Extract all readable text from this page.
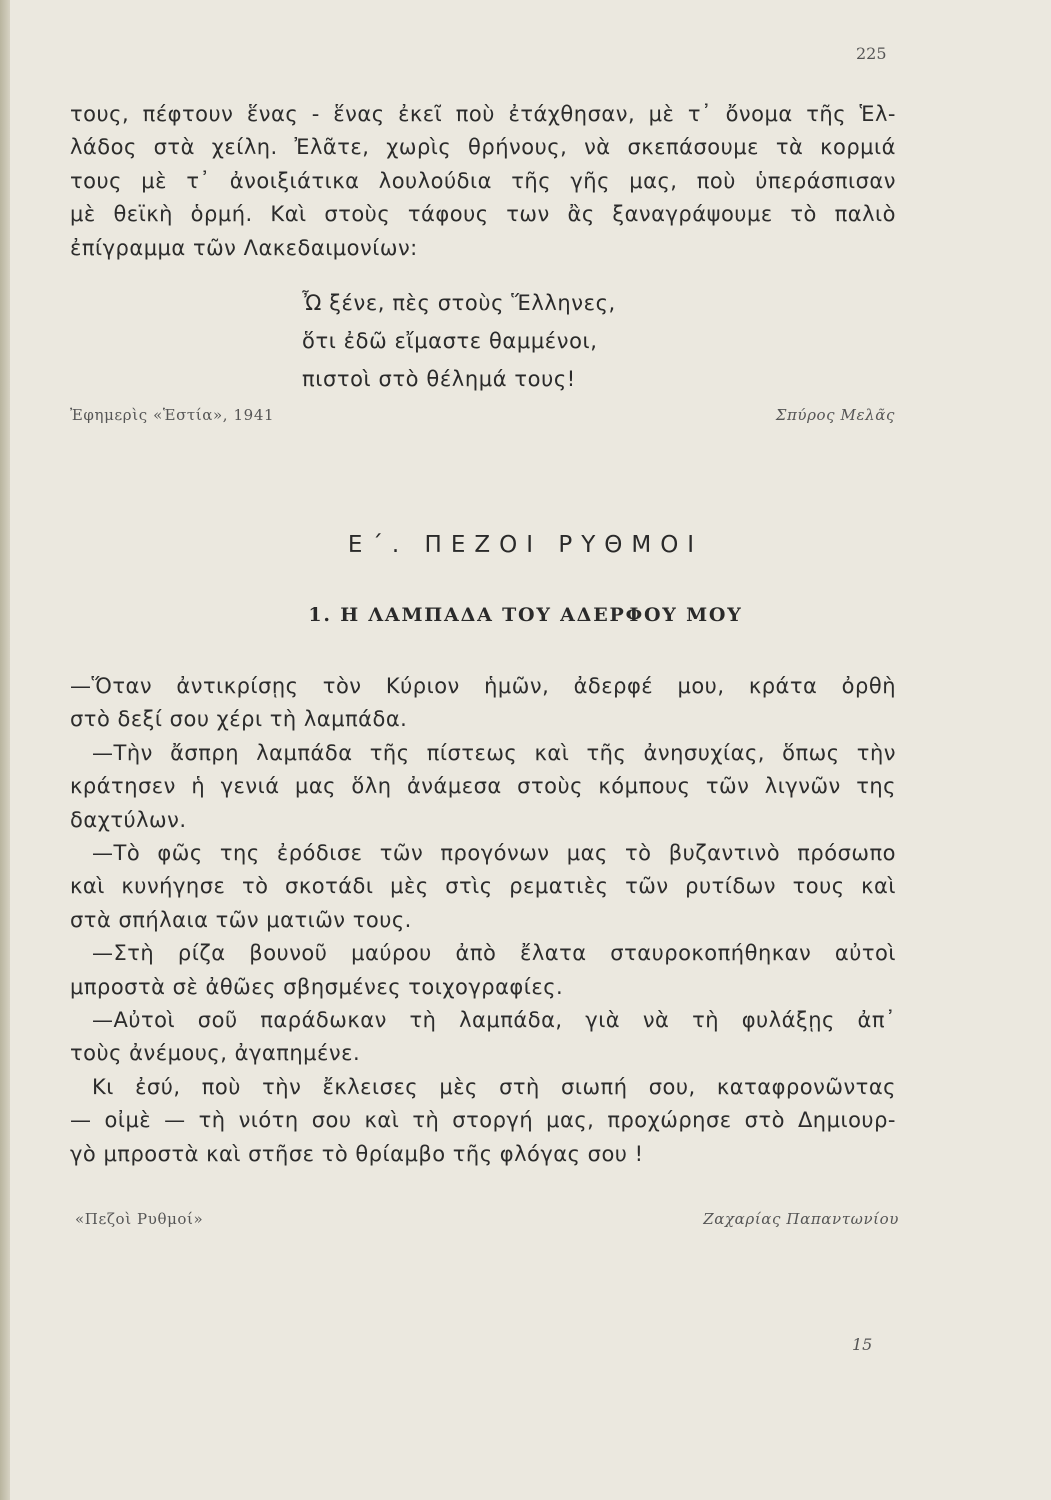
225
τους, πέφτουν ἕνας - ἕνας ἐκεῖ ποὺ ἐτάχθησαν, μὲ τ᾽ ὄνομα τῆς Ἑλ-
λάδος στὰ χείλη. Ἐλᾶτε, χωρὶς θρήνους, νὰ σκεπάσουμε τὰ κορμιά
τους μὲ τ᾽ ἀνοιξιάτικα λουλούδια τῆς γῆς μας, ποὺ ὑπεράσπισαν
μὲ θεϊκὴ ὁρμή. Καὶ στοὺς τάφους των ἂς ξαναγράψουμε τὸ παλιὸ
ἐπίγραμμα τῶν Λακεδαιμονίων:
Ὦ ξένε, πὲς στοὺς Ἕλληνες,
ὅτι ἐδῶ εἴμαστε θαμμένοι,
πιστοὶ στὸ θέλημά τους!
Ἐφημερὶς «Ἑστία», 1941	Σπύρος Μελᾶς
Ε΄. ΠΕΖΟΙ ΡΥΘΜΟΙ
1. Η ΛΑΜΠΑΔΑ ΤΟΥ ΑΔΕΡΦΟΥ ΜΟΥ
—Ὅταν ἀντικρίσῃς τὸν Κύριον ἡμῶν, ἀδερφέ μου, κράτα ὀρθὴ
στὸ δεξί σου χέρι τὴ λαμπάδα.
—Τὴν ἄσπρη λαμπάδα τῆς πίστεως καὶ τῆς ἀνησυχίας, ὅπως τὴν
κράτησεν ἡ γενιά μας ὅλη ἀνάμεσα στοὺς κόμπους τῶν λιγνῶν της
δαχτύλων.
—Τὸ φῶς της ἐρόδισε τῶν προγόνων μας τὸ βυζαντινὸ πρόσωπο
καὶ κυνήγησε τὸ σκοτάδι μὲς στὶς ρεματιὲς τῶν ρυτίδων τους καὶ
στὰ σπήλαια τῶν ματιῶν τους.
—Στὴ ρίζα βουνοῦ μαύρου ἀπὸ ἔλατα σταυροκοπήθηκαν αὐτοὶ
μπροστὰ σὲ ἀθῶες σβησμένες τοιχογραφίες.
—Αὐτοὶ σοῦ παράδωκαν τὴ λαμπάδα, γιὰ νὰ τὴ φυλάξῃς ἀπ᾽
τοὺς ἀνέμους, ἀγαπημένε.
Κι ἐσύ, ποὺ τὴν ἔκλεισες μὲς στὴ σιωπή σου, καταφρονῶντας
— οἰμὲ — τὴ νιότη σου καὶ τὴ στοργή μας, προχώρησε στὸ Δημιουρ-
γὸ μπροστὰ καὶ στῆσε τὸ θρίαμβο τῆς φλόγας σου !
«Πεζοὶ Ρυθμοί»	Ζαχαρίας Παπαντωνίου
15
